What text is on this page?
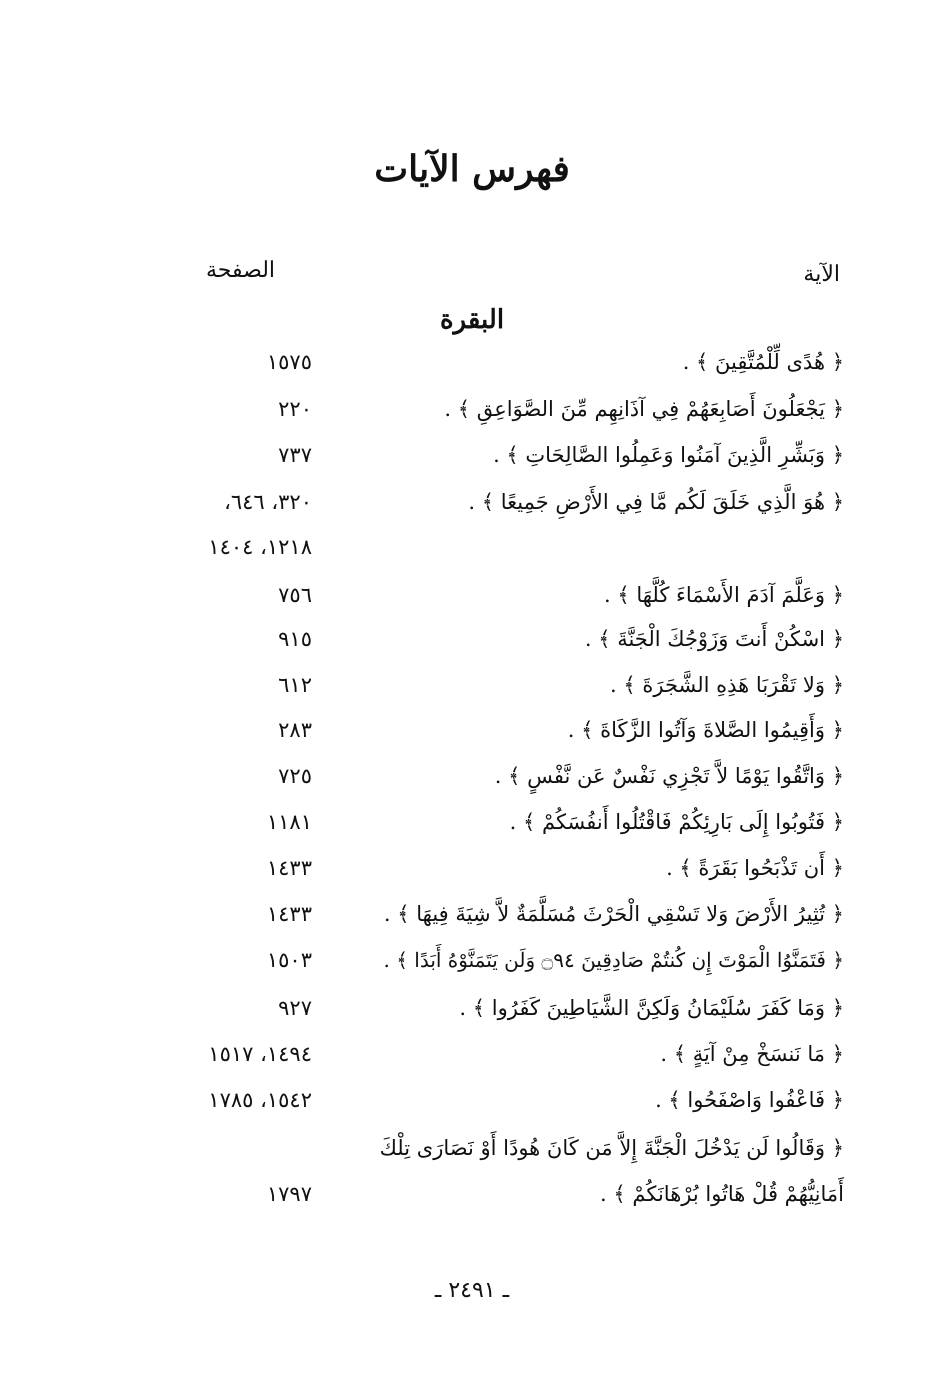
فهرس الآيات
الآية
الصفحة
البقرة
﴿ هُدًى لِّلْمُتَّقِينَ ﴾ .
١٥٧٥
﴿ يَجْعَلُونَ أَصَابِعَهُمْ فِي آذَانِهِم مِّنَ الصَّوَاعِقِ ﴾ .
٢٢٠
﴿ وَبَشِّرِ الَّذِينَ آمَنُوا وَعَمِلُوا الصَّالِحَاتِ ﴾ .
٧٣٧
﴿ هُوَ الَّذِي خَلَقَ لَكُم مَّا فِي الأَرْضِ جَمِيعًا ﴾ .
٣٢٠، ٦٤٦،
١٢١٨، ١٤٠٤
﴿ وَعَلَّمَ آدَمَ الأَسْمَاءَ كُلَّهَا ﴾ .
٧٥٦
﴿ اسْكُنْ أَنتَ وَزَوْجُكَ الْجَنَّةَ ﴾ .
٩١٥
﴿ وَلا تَقْرَبَا هَذِهِ الشَّجَرَةَ ﴾ .
٦١٢
﴿ وَأَقِيمُوا الصَّلاةَ وَآتُوا الزَّكَاةَ ﴾ .
٢٨٣
﴿ وَاتَّقُوا يَوْمًا لاَّ تَجْزِي نَفْسٌ عَن نَّفْسٍ ﴾ .
٧٢٥
﴿ فَتُوبُوا إِلَى بَارِئِكُمْ فَاقْتُلُوا أَنفُسَكُمْ ﴾ .
١١٨١
﴿ أَن تَذْبَحُوا بَقَرَةً ﴾ .
١٤٣٣
﴿ تُثِيرُ الأَرْضَ وَلا تَسْقِي الْحَرْثَ مُسَلَّمَةٌ لاَّ شِيَةَ فِيهَا ﴾ .
١٤٣٣
﴿ فَتَمَنَّوُا الْمَوْتَ إِن كُنتُمْ صَادِقِينَ ۝٩٤ وَلَن يَتَمَنَّوْهُ أَبَدًا ﴾ .
١٥٠٣
﴿ وَمَا كَفَرَ سُلَيْمَانُ وَلَكِنَّ الشَّيَاطِينَ كَفَرُوا ﴾ .
٩٢٧
﴿ مَا نَنسَخْ مِنْ آيَةٍ ﴾ .
١٤٩٤، ١٥١٧
﴿ فَاعْفُوا وَاصْفَحُوا ﴾ .
١٥٤٢، ١٧٨٥
﴿ وَقَالُوا لَن يَدْخُلَ الْجَنَّةَ إِلاَّ مَن كَانَ هُودًا أَوْ نَصَارَى تِلْكَ
أَمَانِيُّهُمْ قُلْ هَاتُوا بُرْهَانَكُمْ ﴾ .
١٧٩٧
ـ ٢٤٩١ ـ
